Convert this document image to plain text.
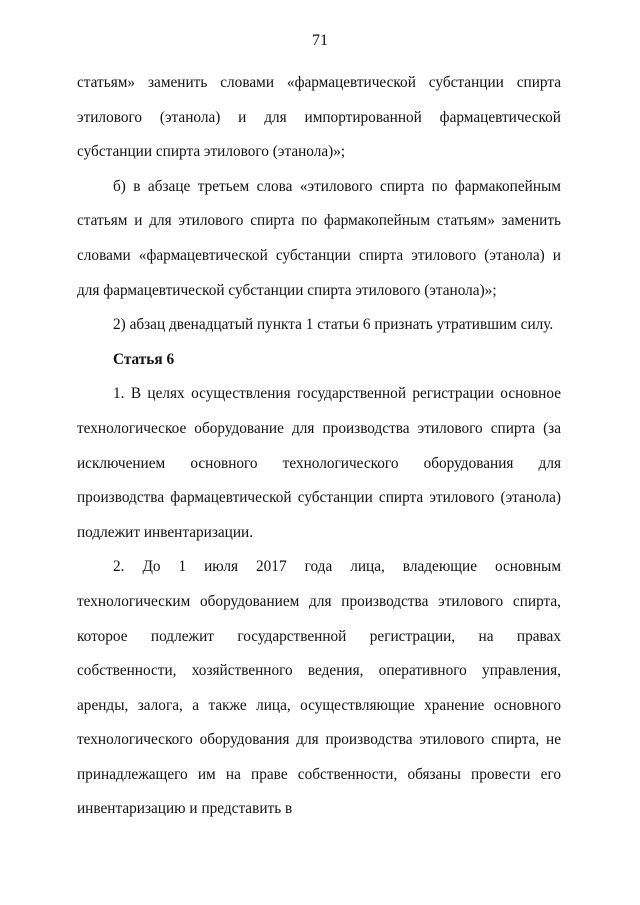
71

статьям» заменить словами «фармацевтической субстанции спирта этилового (этанола) и для импортированной фармацевтической субстанции спирта этилового (этанола)»;

б) в абзаце третьем слова «этилового спирта по фармакопейным статьям и для этилового спирта по фармакопейным статьям» заменить словами «фармацевтической субстанции спирта этилового (этанола) и для фармацевтической субстанции спирта этилового (этанола)»;

2) абзац двенадцатый пункта 1 статьи 6 признать утратившим силу.

Статья 6

1. В целях осуществления государственной регистрации основное технологическое оборудование для производства этилового спирта (за исключением основного технологического оборудования для производства фармацевтической субстанции спирта этилового (этанола) подлежит инвентаризации.

2. До 1 июля 2017 года лица, владеющие основным технологическим оборудованием для производства этилового спирта, которое подлежит государственной регистрации, на правах собственности, хозяйственного ведения, оперативного управления, аренды, залога, а также лица, осуществляющие хранение основного технологического оборудования для производства этилового спирта, не принадлежащего им на праве собственности, обязаны провести его инвентаризацию и представить в
